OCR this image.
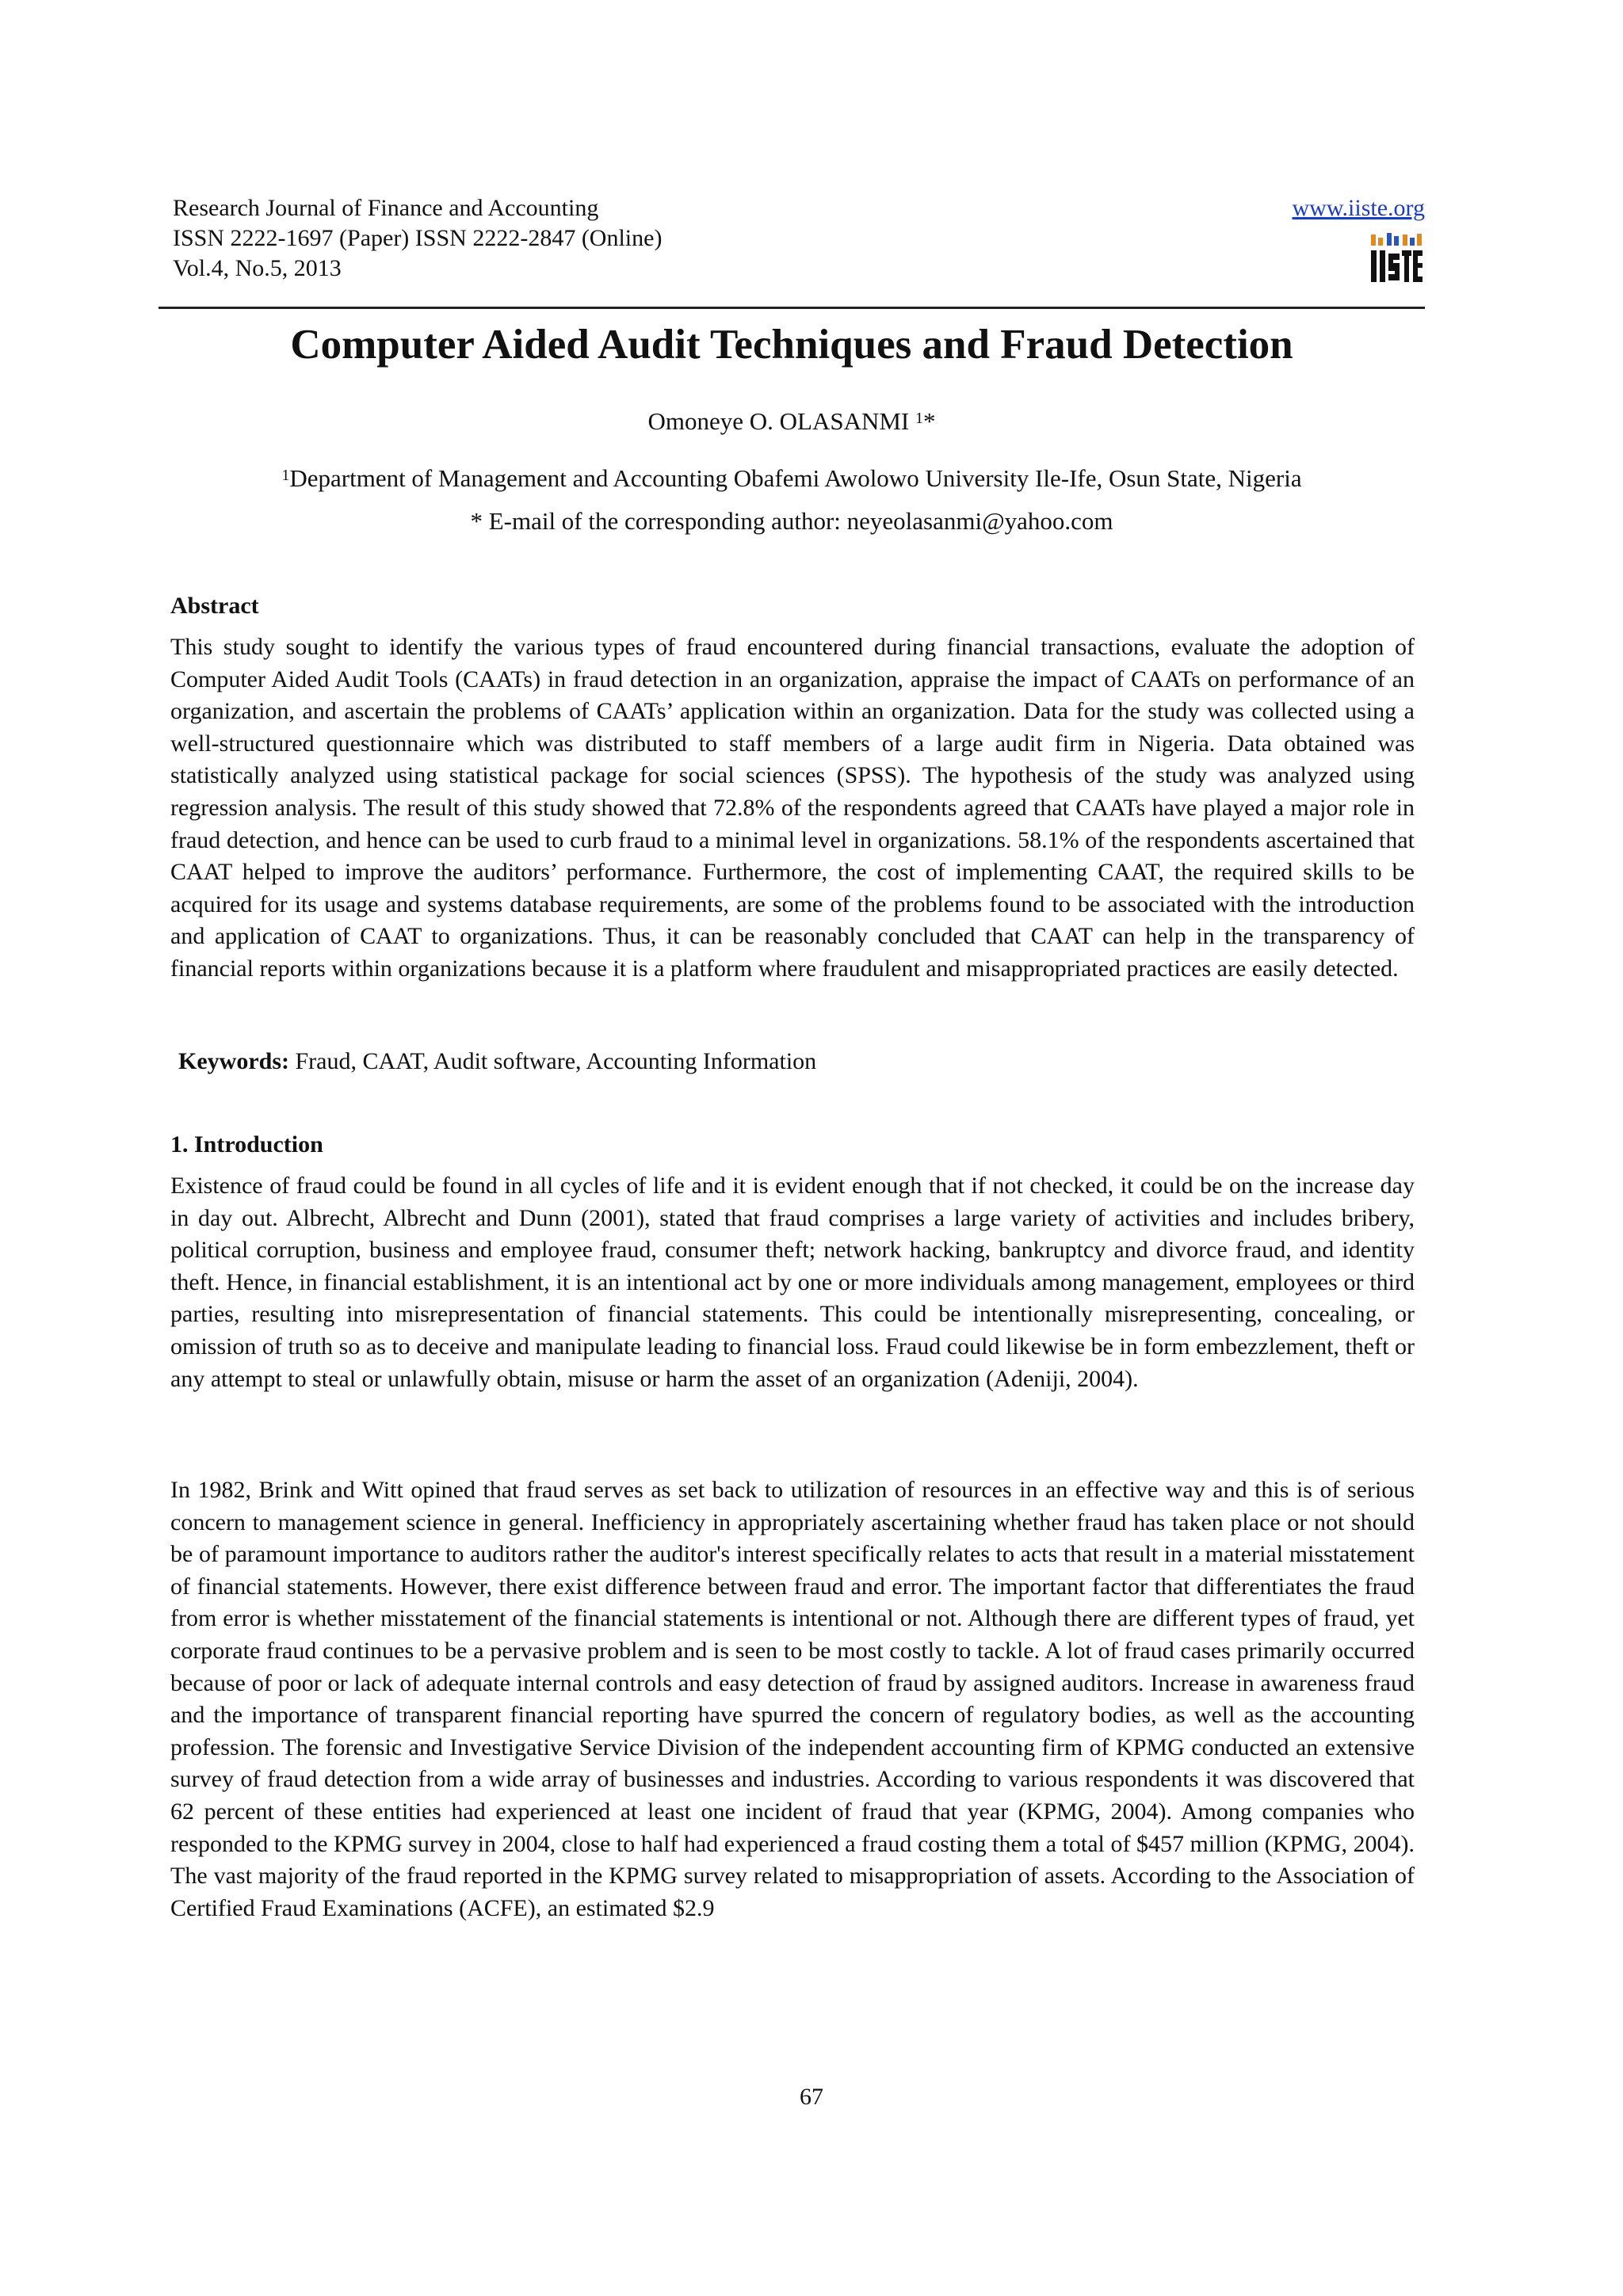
Research Journal of Finance and Accounting
ISSN 2222-1697 (Paper) ISSN 2222-2847 (Online)
Vol.4, No.5, 2013
www.iiste.org
Computer Aided Audit Techniques and Fraud Detection
Omoneye O. OLASANMI $^1$*
$^1$Department of Management and Accounting Obafemi Awolowo University Ile-Ife, Osun State, Nigeria
* E-mail of the corresponding author: neyeolasanmi@yahoo.com
Abstract
This study sought to identify the various types of fraud encountered during financial transactions, evaluate the adoption of Computer Aided Audit Tools (CAATs) in fraud detection in an organization, appraise the impact of CAATs on performance of an organization, and ascertain the problems of CAATs’ application within an organization. Data for the study was collected using a well-structured questionnaire which was distributed to staff members of a large audit firm in Nigeria. Data obtained was statistically analyzed using statistical package for social sciences (SPSS). The hypothesis of the study was analyzed using regression analysis. The result of this study showed that 72.8% of the respondents agreed that CAATs have played a major role in fraud detection, and hence can be used to curb fraud to a minimal level in organizations. 58.1% of the respondents ascertained that CAAT helped to improve the auditors’ performance. Furthermore, the cost of implementing CAAT, the required skills to be acquired for its usage and systems database requirements, are some of the problems found to be associated with the introduction and application of CAAT to organizations. Thus, it can be reasonably concluded that CAAT can help in the transparency of financial reports within organizations because it is a platform where fraudulent and misappropriated practices are easily detected.
Keywords: Fraud, CAAT, Audit software, Accounting Information
1. Introduction
Existence of fraud could be found in all cycles of life and it is evident enough that if not checked, it could be on the increase day in day out. Albrecht, Albrecht and Dunn (2001), stated that fraud comprises a large variety of activities and includes bribery, political corruption, business and employee fraud, consumer theft; network hacking, bankruptcy and divorce fraud, and identity theft. Hence, in financial establishment, it is an intentional act by one or more individuals among management, employees or third parties, resulting into misrepresentation of financial statements. This could be intentionally misrepresenting, concealing, or omission of truth so as to deceive and manipulate leading to financial loss. Fraud could likewise be in form embezzlement, theft or any attempt to steal or unlawfully obtain, misuse or harm the asset of an organization (Adeniji, 2004).
In 1982, Brink and Witt opined that fraud serves as set back to utilization of resources in an effective way and this is of serious concern to management science in general. Inefficiency in appropriately ascertaining whether fraud has taken place or not should be of paramount importance to auditors rather the auditor's interest specifically relates to acts that result in a material misstatement of financial statements. However, there exist difference between fraud and error. The important factor that differentiates the fraud from error is whether misstatement of the financial statements is intentional or not. Although there are different types of fraud, yet corporate fraud continues to be a pervasive problem and is seen to be most costly to tackle. A lot of fraud cases primarily occurred because of poor or lack of adequate internal controls and easy detection of fraud by assigned auditors. Increase in awareness fraud and the importance of transparent financial reporting have spurred the concern of regulatory bodies, as well as the accounting profession. The forensic and Investigative Service Division of the independent accounting firm of KPMG conducted an extensive survey of fraud detection from a wide array of businesses and industries. According to various respondents it was discovered that 62 percent of these entities had experienced at least one incident of fraud that year (KPMG, 2004). Among companies who responded to the KPMG survey in 2004, close to half had experienced a fraud costing them a total of $457 million (KPMG, 2004). The vast majority of the fraud reported in the KPMG survey related to misappropriation of assets. According to the Association of Certified Fraud Examinations (ACFE), an estimated $2.9
67
